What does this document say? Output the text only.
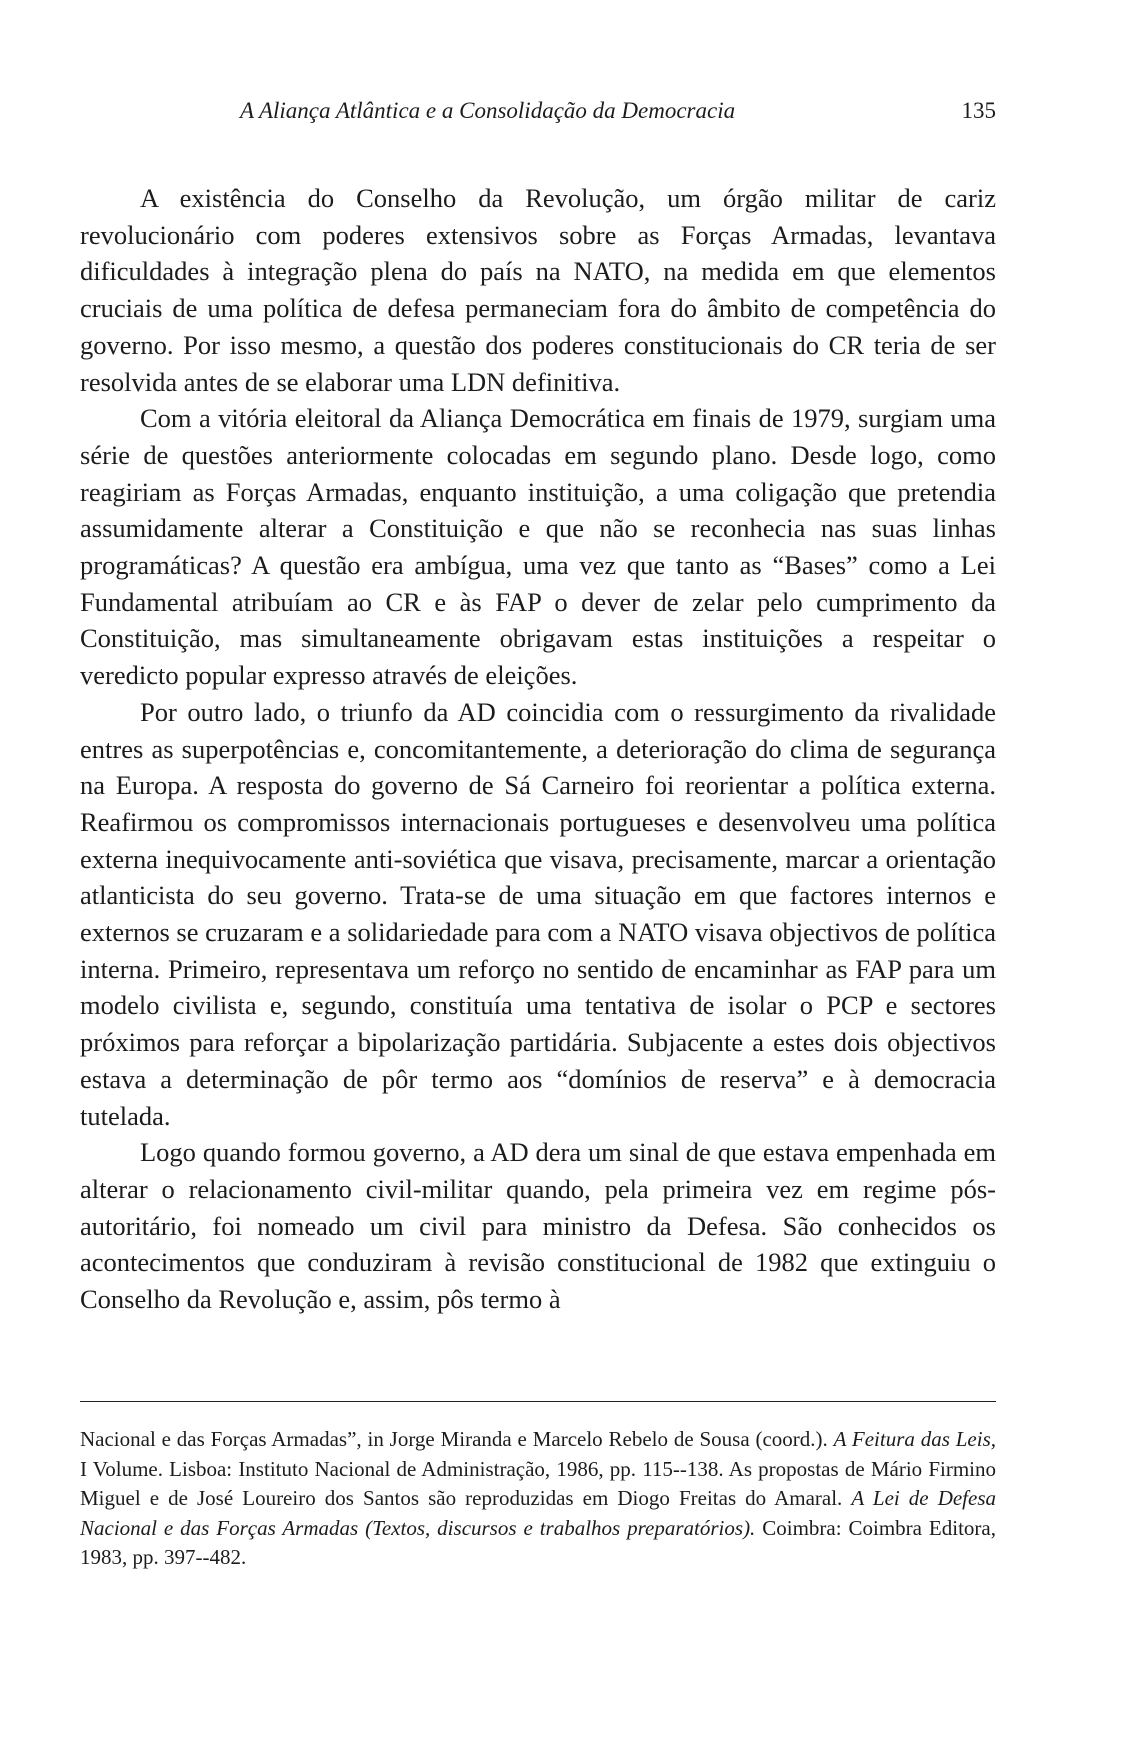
A Aliança Atlântica e a Consolidação da Democracia	135

A existência do Conselho da Revolução, um órgão militar de cariz revolucionário com poderes extensivos sobre as Forças Armadas, levantava dificuldades à integração plena do país na NATO, na medida em que elementos cruciais de uma política de defesa permaneciam fora do âmbito de competência do governo. Por isso mesmo, a questão dos poderes constitucionais do CR teria de ser resolvida antes de se elaborar uma LDN definitiva.

Com a vitória eleitoral da Aliança Democrática em finais de 1979, surgiam uma série de questões anteriormente colocadas em segundo plano. Desde logo, como reagiriam as Forças Armadas, enquanto instituição, a uma coligação que pretendia assumidamente alterar a Constituição e que não se reconhecia nas suas linhas programáticas? A questão era ambígua, uma vez que tanto as “Bases” como a Lei Fundamental atribuíam ao CR e às FAP o dever de zelar pelo cumprimento da Constituição, mas simultaneamente obrigavam estas instituições a respeitar o veredicto popular expresso através de eleições.

Por outro lado, o triunfo da AD coincidia com o ressurgimento da rivalidade entres as superpotências e, concomitantemente, a deterioração do clima de segurança na Europa. A resposta do governo de Sá Carneiro foi reorientar a política externa. Reafirmou os compromissos internacionais portugueses e desenvolveu uma política externa inequivocamente anti-soviética que visava, precisamente, marcar a orientação atlanticista do seu governo. Trata-se de uma situação em que factores internos e externos se cruzaram e a solidariedade para com a NATO visava objectivos de política interna. Primeiro, representava um reforço no sentido de encaminhar as FAP para um modelo civilista e, segundo, constituía uma tentativa de isolar o PCP e sectores próximos para reforçar a bipolarização partidária. Subjacente a estes dois objectivos estava a determinação de pôr termo aos “domínios de reserva” e à democracia tutelada.

Logo quando formou governo, a AD dera um sinal de que estava empenhada em alterar o relacionamento civil-militar quando, pela primeira vez em regime pós-autoritário, foi nomeado um civil para ministro da Defesa. São conhecidos os acontecimentos que conduziram à revisão constitucional de 1982 que extinguiu o Conselho da Revolução e, assim, pôs termo à

Nacional e das Forças Armadas”, in Jorge Miranda e Marcelo Rebelo de Sousa (coord.). A Feitura das Leis, I Volume. Lisboa: Instituto Nacional de Administração, 1986, pp. 115-⁠-138. As propostas de Mário Firmino Miguel e de José Loureiro dos Santos são reproduzidas em Diogo Freitas do Amaral. A Lei de Defesa Nacional e das Forças Armadas (Textos, discursos e trabalhos preparatórios). Coimbra: Coimbra Editora, 1983, pp. 397-⁠-482.
